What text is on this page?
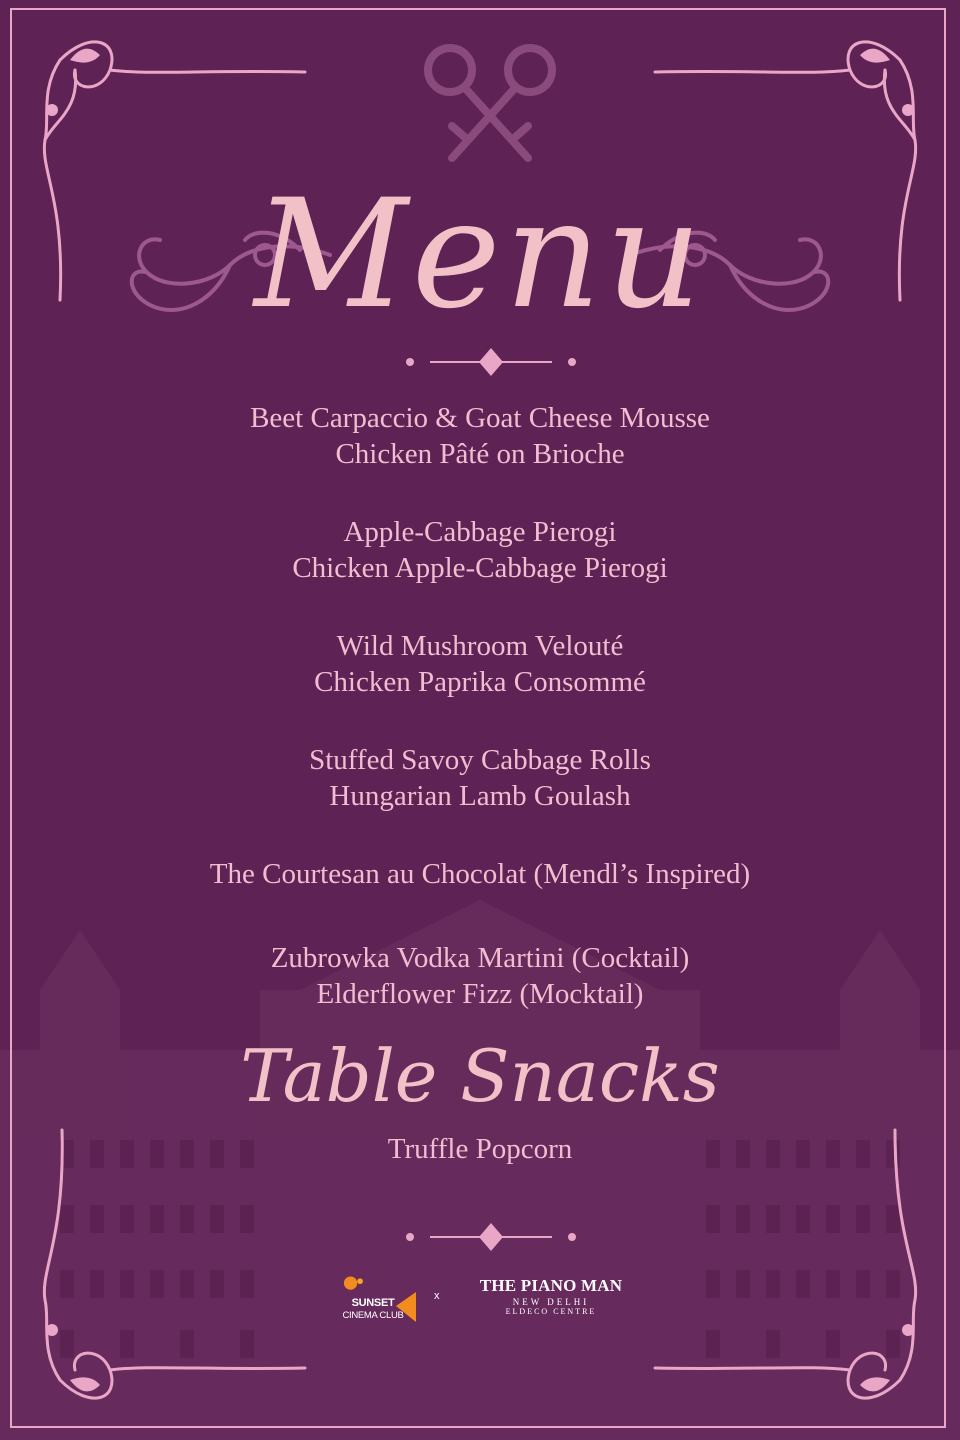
Menu
Beet Carpaccio & Goat Cheese Mousse
Chicken Pâté on Brioche
Apple-Cabbage Pierogi
Chicken Apple-Cabbage Pierogi
Wild Mushroom Velouté
Chicken Paprika Consommé
Stuffed Savoy Cabbage Rolls
Hungarian Lamb Goulash
The Courtesan au Chocolat (Mendl’s Inspired)
Zubrowka Vodka Martini (Cocktail)
Elderflower Fizz (Mocktail)
Table Snacks
Truffle Popcorn
SUNSET
CINEMA CLUB
x
THE PIANO MAN
NEW DELHI
ELDECO CENTRE
